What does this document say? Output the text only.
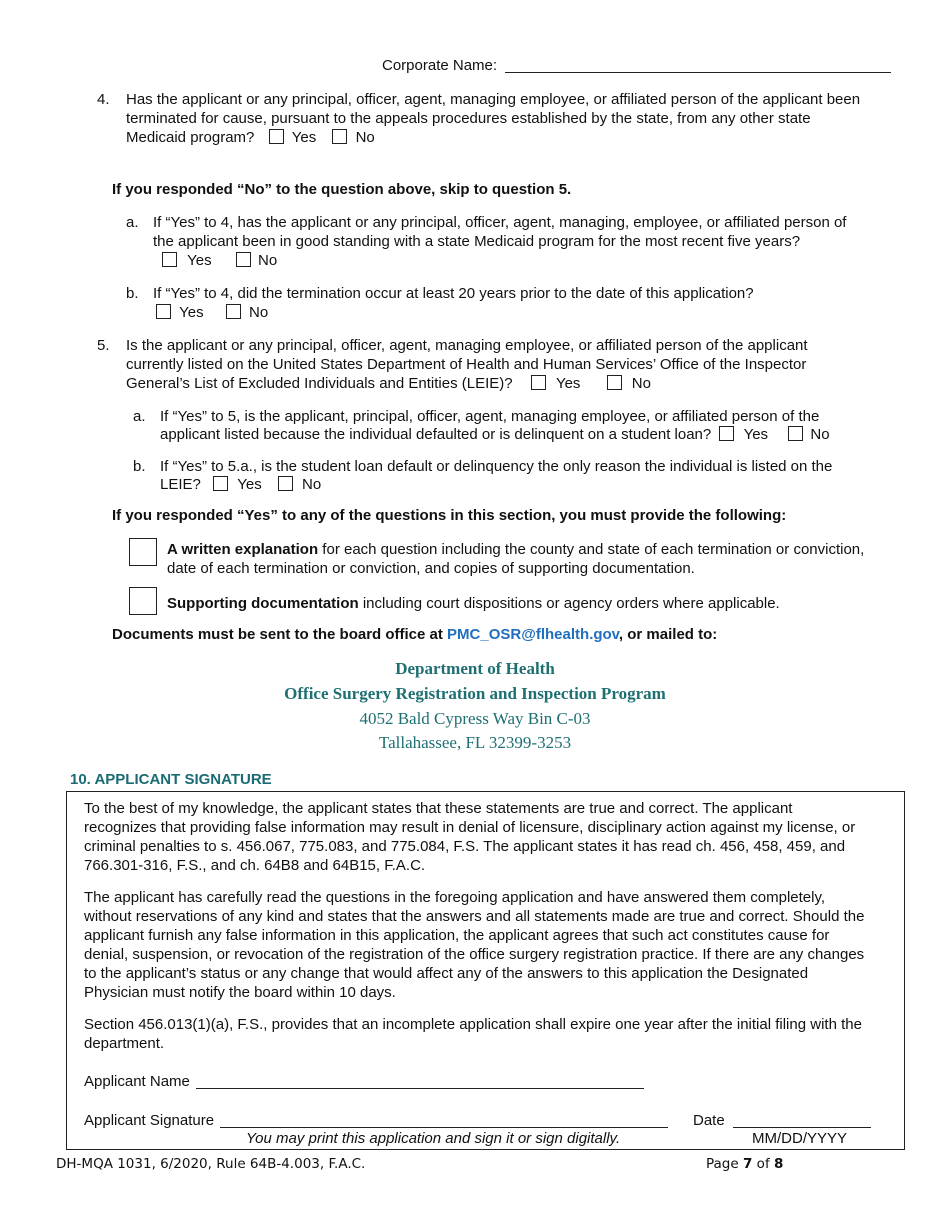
Corporate Name:
4. Has the applicant or any principal, officer, agent, managing employee, or affiliated person of the applicant been
terminated for cause, pursuant to the appeals procedures established by the state, from any other state
Medicaid program? Yes	No
If you responded “No” to the question above, skip to question 5.
a. If “Yes” to 4, has the applicant or any principal, officer, agent, managing, employee, or affiliated person of
the applicant been in good standing with a state Medicaid program for the most recent five years?
Yes	No
b. If “Yes” to 4, did the termination occur at least 20 years prior to the date of this application?
Yes	No
5. Is the applicant or any principal, officer, agent, managing employee, or affiliated person of the applicant
currently listed on the United States Department of Health and Human Services’ Office of the Inspector
General’s List of Excluded Individuals and Entities (LEIE)?	Yes	No
a. If “Yes” to 5, is the applicant, principal, officer, agent, managing employee, or affiliated person of the
applicant listed because the individual defaulted or is delinquent on a student loan? Yes	No
b. If “Yes” to 5.a., is the student loan default or delinquency the only reason the individual is listed on the
LEIE? Yes	No
If you responded “Yes” to any of the questions in this section, you must provide the following:
A written explanation for each question including the county and state of each termination or conviction,
date of each termination or conviction, and copies of supporting documentation.
Supporting documentation including court dispositions or agency orders where applicable.
Documents must be sent to the board office at PMC_OSR@flhealth.gov, or mailed to:
Department of Health
Office Surgery Registration and Inspection Program
4052 Bald Cypress Way Bin C-03
Tallahassee, FL 32399-3253
10. APPLICANT SIGNATURE
To the best of my knowledge, the applicant states that these statements are true and correct. The applicant
recognizes that providing false information may result in denial of licensure, disciplinary action against my license, or
criminal penalties to s. 456.067, 775.083, and 775.084, F.S. The applicant states it has read ch. 456, 458, 459, and
766.301-316, F.S., and ch. 64B8 and 64B15, F.A.C.
The applicant has carefully read the questions in the foregoing application and have answered them completely,
without reservations of any kind and states that the answers and all statements made are true and correct. Should the
applicant furnish any false information in this application, the applicant agrees that such act constitutes cause for
denial, suspension, or revocation of the registration of the office surgery registration practice. If there are any changes
to the applicant’s status or any change that would affect any of the answers to this application the Designated
Physician must notify the board within 10 days.
Section 456.013(1)(a), F.S., provides that an incomplete application shall expire one year after the initial filing with the
department.
Applicant Name
Applicant Signature	Date
You may print this application and sign it or sign digitally.	MM/DD/YYYY
DH-MQA 1031, 6/2020, Rule 64B-4.003, F.A.C.	Page 7 of 8
